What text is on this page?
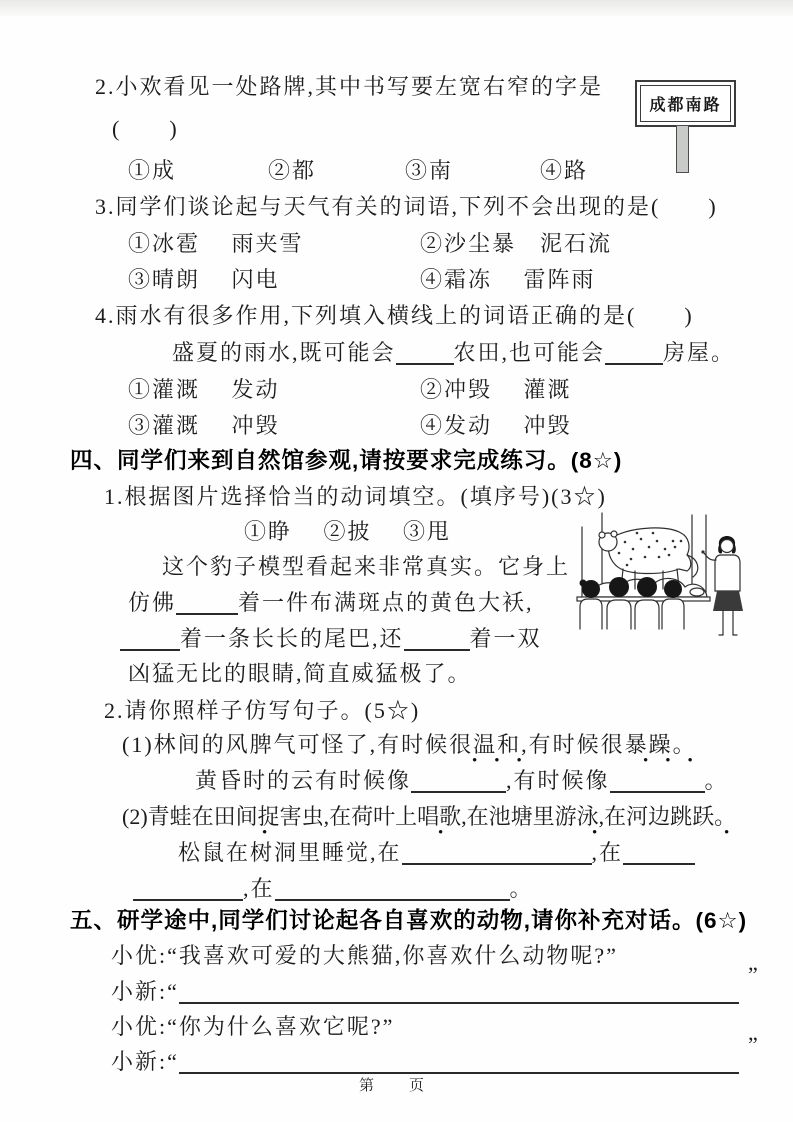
成都南路
2.小欢看见一处路牌,其中书写要左宽右窄的字是
(　　)
①成	②都	③南	④路
3.同学们谈论起与天气有关的词语,下列不会出现的是(　　)
①冰雹　 雨夹雪	②沙尘暴　泥石流
③晴朗　 闪电	④霜冻　 雷阵雨
4.雨水有很多作用,下列填入横线上的词语正确的是(　　)
盛夏的雨水,既可能会	农田,也可能会	房屋。
①灌溉　 发动	②冲毁　 灌溉
③灌溉　 冲毁	④发动　 冲毁
四、同学们来到自然馆参观,请按要求完成练习。(8☆)
1.根据图片选择恰当的动词填空。(填序号)(3☆)
①睁　 ②披　 ③甩
这个豹子模型看起来非常真实。它身上
仿佛	着一件布满斑点的黄色大袄,
着一条长长的尾巴,还	着一双
凶猛无比的眼睛,简直威猛极了。
2.请你照样子仿写句子。(5☆)
(1)林间的风脾气可怪了,有时候很温和,有时候很暴躁。
黄昏时的云有时候像	,有时候像	。
(2)青蛙在田间捉害虫,在荷叶上唱歌,在池塘里游泳,在河边跳跃。
松鼠在树洞里睡觉,在	,在
,在	。
五、研学途中,同学们讨论起各自喜欢的动物,请你补充对话。(6☆)
小优:“我喜欢可爱的大熊猫,你喜欢什么动物呢?”
小新:“
”
小优:“你为什么喜欢它呢?”
小新:“
”
•••	•••
•	•	•	•
第　页
